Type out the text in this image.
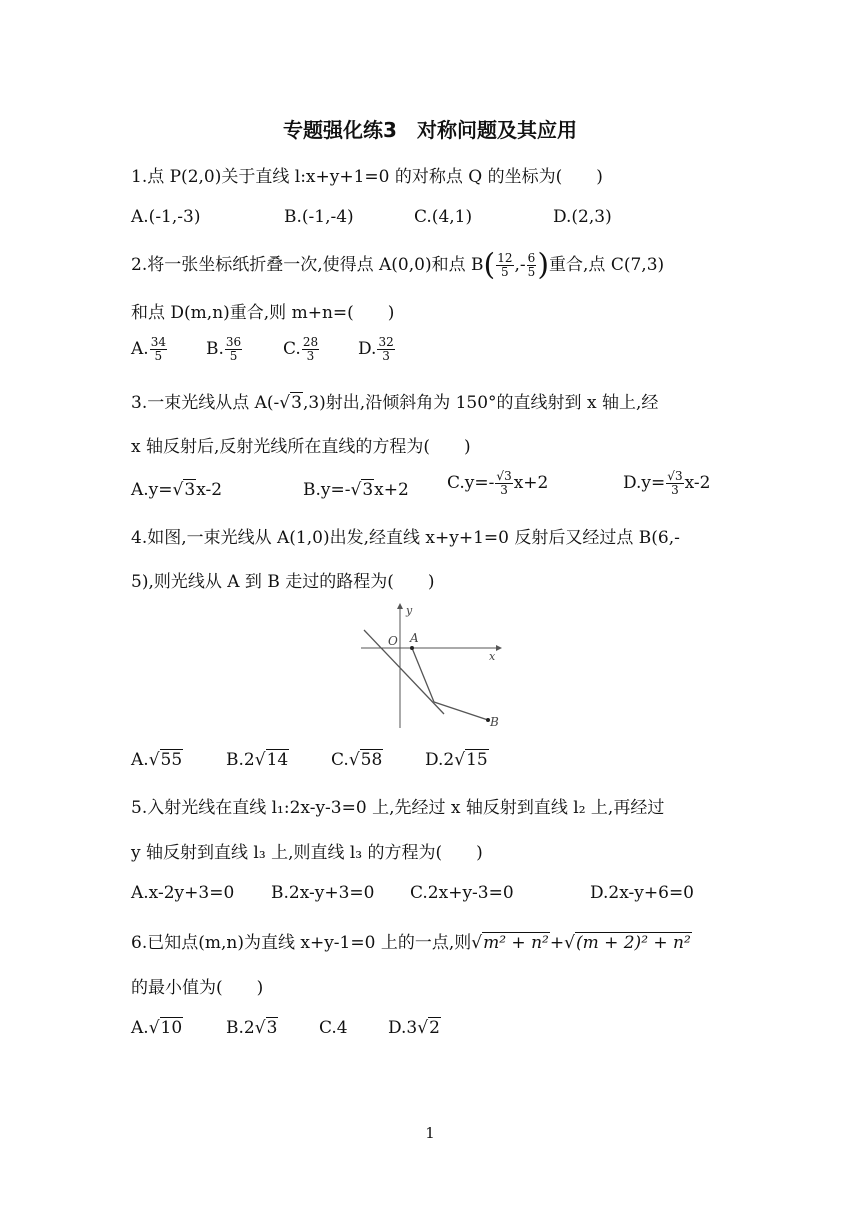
专题强化练3　对称问题及其应用
1.点 P(2,0)关于直线 l:x+y+1=0 的对称点 Q 的坐标为(　　)
A.(-1,-3)	B.(-1,-4)	C.(4,1)	D.(2,3)
2.将一张坐标纸折叠一次,使得点 A(0,0)和点 $B( \frac{12}{5}$ ,- $\frac{6}{5}$ )重合,点 C(7,3)
和点 D(m,n)重合,则 m+n=(　　)
A. $\frac{34}{5} B$. $\frac{36}{5} C$. $\frac{28}{3} D$. $\frac{32}{3}$
3.一束光线从点 A(-√3,3)射出,沿倾斜角为 150°的直线射到 x 轴上,经
x 轴反射后,反射光线所在直线的方程为(　　)
A.y=√3x-2	B.y=-√3x+2 $C.y=- \frac{√3}{3} x+2$	$D.y= \frac{√3}{3} x-2$
4.如图,一束光线从 A(1,0)出发,经直线 x+y+1=0 反射后又经过点 B(6,-
5),则光线从 A 到 B 走过的路程为(　　)
y
x
O A
B
A.√55	B.2√14	C.√58	D.2√15
5.入射光线在直线 l₁:2x-y-3=0 上,先经过 x 轴反射到直线 l₂ 上,再经过
y 轴反射到直线 l₃ 上,则直线 l₃ 的方程为(　　)
A.x-2y+3=0 B.2x-y+3=0 C.2x+y-3=0	D.2x-y+6=0
6.已知点(m,n)为直线 x+y-1=0 上的一点,则√m² + n²+√(m + 2)² + n²
的最小值为(　　)
A.√10	B.2√3 C.4 D.3√2
1
